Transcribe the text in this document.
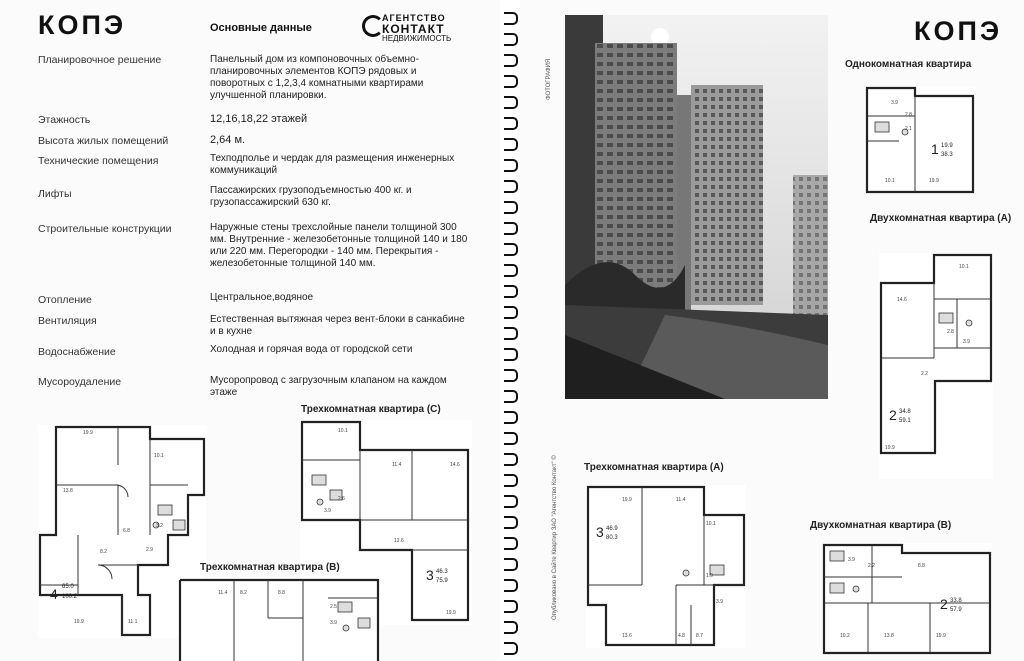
КОПЭ	Основные данные
АГЕНТСТВО
КОНТАКТ
НЕДВИЖИМОСТЬ
Планировочное решение	Панельный дом из компоновочных объемно-планировочных элементов КОПЭ рядовых и поворотных с 1,2,3,4 комнатными квартирами улучшенной планировки.
Этажность	12,16,18,22 этажей
Высота жилых помещений	2,64 м.
Технические помещения	Техподполье и чердак для размещения инженерных коммуникаций
Лифты	Пассажирских грузоподъемностью 400 кг. и грузопассажирский 630 кг.
Строительные конструкции	Наружные стены трехслойные панели толщиной 300 мм. Внутренние - железобетонные толщиной 140 и 180 или 220 мм. Перегородки - 140 мм. Перекрытия - железобетонные толщиной 140 мм.
Отопление	Центральное,водяное
Вентиляция	Естественная вытяжная через вент-блоки в санкабине и в кухне
Водоснабжение	Холодная и горячая вода от городской сети
Мусороудаление	Мусоропровод с загрузочным клапаном на каждом этаже
19.9
10.1
13.8
6.8
3.2
2.9
8.2
19.9	11.1
4 65.0
100.2
Трехкомнатная квартира (С)
10.1
11.4	14.6
12.6
19.9
2.6
3.9
3 46.3
75.9
Трехкомнатная квартира (В)
11.4	8.2	8.8
2.5
3.9
ФОТОГРАФИЯ
Опубликовано в Сайте Квартир ЗАО "Агентство Контакт" ©
КОПЭ
Однокомнатная квартира
3.9
2.8
2.1
10.1	19.9
1 19.9
38.3
Двухкомнатная квартира (А)
10.1
14.6
2.8
3.9
2.2
19.9
2 34.8
59.1
Трехкомнатная квартира (А)
19.9	11.4
10.1
1.9
3.9
13.6	4.8 8.7
3 46.9
80.3
Двухкомнатная квартира (В)
3.9
2.2	8.8
10.2	13.8	19.9
2 33.8
57.9
